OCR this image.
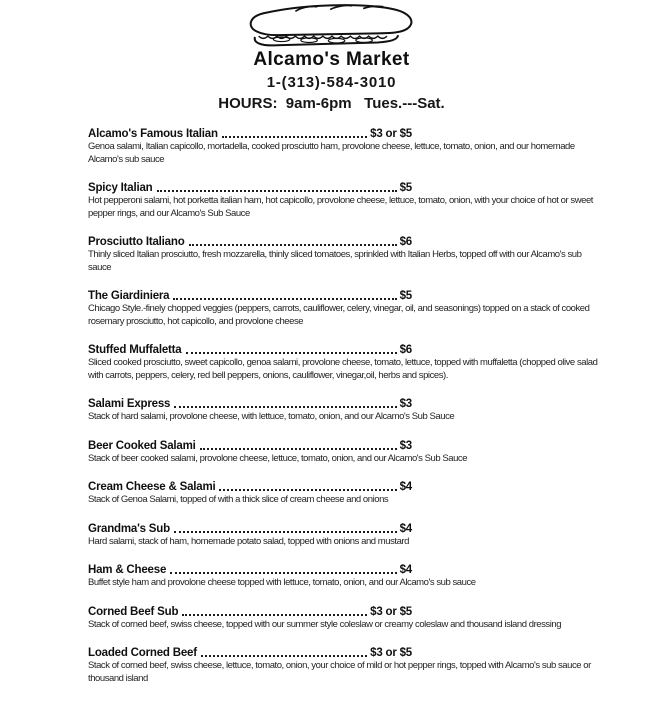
Alcamo's Market
1-(313)-584-3010
HOURS:  9am-6pm   Tues.---Sat.
Alcamo's Famous Italian	$3 or $5
Genoa salami, Italian capicollo, mortadella, cooked prosciutto ham, provolone cheese, lettuce, tomato, onion, and our homemade Alcamo's sub sauce
Spicy Italian	$5
Hot pepperoni salami, hot porketta italian ham, hot capicollo, provolone cheese, lettuce, tomato, onion, with your choice of hot or sweet pepper rings, and our Alcamo's Sub Sauce
Prosciutto Italiano	$6
Thinly sliced Italian prosciutto, fresh mozzarella, thinly sliced tomatoes, sprinkled with Italian Herbs, topped off with our Alcamo's sub sauce
The Giardiniera	$5
Chicago Style.-finely chopped veggies (peppers, carrots, cauliflower, celery, vinegar, oil, and seasonings) topped on a stack of cooked rosemary prosciutto, hot capicollo, and provolone cheese
Stuffed Muffaletta	$6
Sliced cooked prosciutto, sweet capicollo, genoa salami, provolone cheese, tomato, lettuce, topped with muffaletta (chopped olive salad with carrots, peppers, celery, red bell peppers, onions, cauliflower, vinegar,oil, herbs and spices).
Salami Express	$3
Stack of hard salami, provolone cheese, with lettuce, tomato, onion, and our Alcamo's Sub Sauce
Beer Cooked Salami	$3
Stack of beer cooked salami, provolone cheese, lettuce, tomato, onion, and our Alcamo's Sub Sauce
Cream Cheese & Salami	$4
Stack of Genoa Salami, topped of with a thick slice of cream cheese and onions
Grandma's Sub	$4
Hard salami, stack of ham, homemade potato salad, topped with onions and mustard
Ham & Cheese	$4
Buffet style ham and provolone cheese topped with lettuce, tomato, onion, and our Alcamo's sub sauce
Corned Beef Sub	$3 or $5
Stack of corned beef, swiss cheese, topped with our summer style coleslaw or creamy coleslaw and thousand island dressing
Loaded Corned Beef	$3 or $5
Stack of corned beef, swiss cheese, lettuce, tomato, onion, your choice of mild or hot pepper rings, topped with Alcamo's sub sauce or thousand island
